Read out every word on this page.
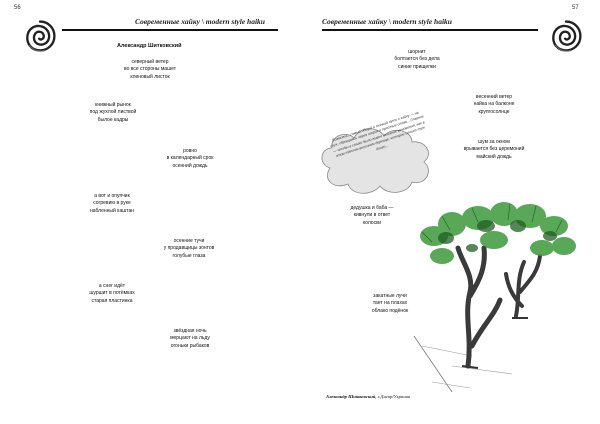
56
Современные хайку \ modern style haiku
Александр Шитковский
северный ветер
во все стороны машет
кленовый листок
книжный рынок
под жухлой листвой
былое кадры
ровно
в календарный срок
осенний дождь
а вот и опупчик
согревию в руке
набленный каштан
осенние тучи
у продавщицы зонтов
голубые глаза
а снег идёт
шуршит в потёмках
старая пластинка
звёздная ночь
мерцают на льду
огоньки рыбаков
57
Современные хайку \ modern style haiku
шорнит
болтается без дела
синие прищепки
весенний ветер
найка на балконе
крупгосолнце
шум за окном
врывается без церемоний
майский дождь
Возможно, самый общий и тонкий путь к хайку — на слух, обращаясь через шорох и простые слова... Главное — чтобы в стихе было живое дыхание мгновения, как в этом тёплом весеннем деревце, которое стоит тут долго...
дедушка и баба —
кивнули в ответ
колоски
закатные лучи
тает на плахах
облако подёнок
Александр Шитковский, г.Днепр/Украина
